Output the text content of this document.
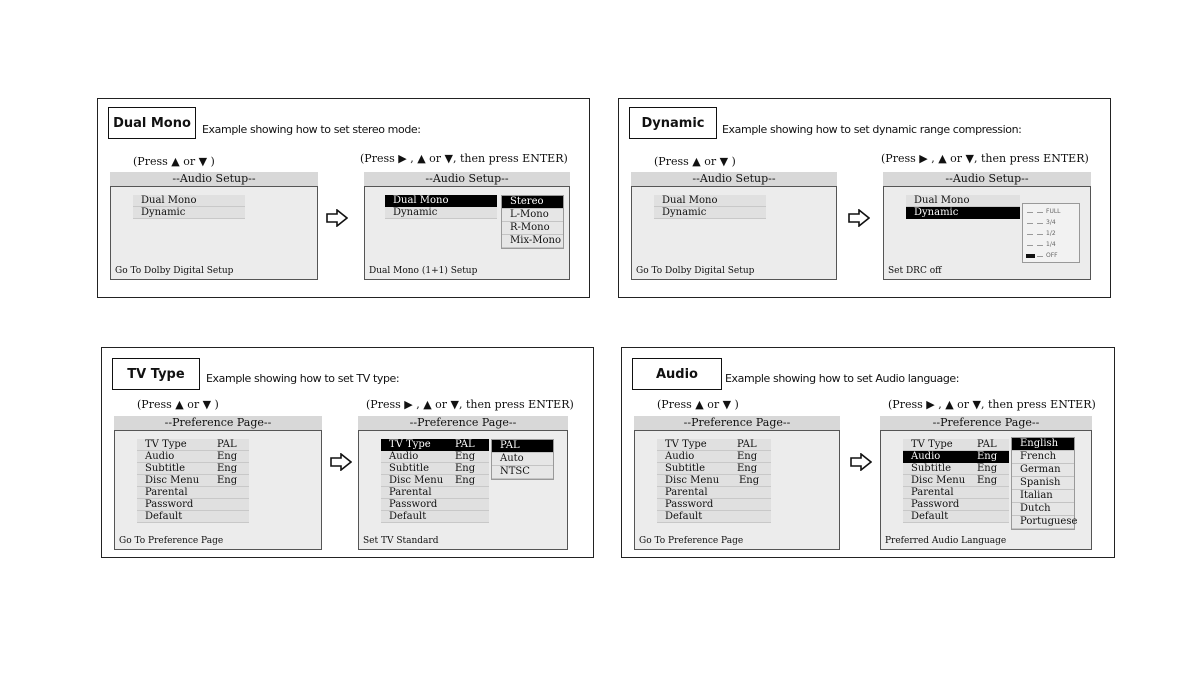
Dual Mono	Example showing how to set stereo mode:
(Press ▲ or ▼ )
--Audio Setup--
Dual Mono
Dynamic
Go To Dolby Digital Setup
(Press ▶ , ▲ or ▼, then press ENTER)
--Audio Setup--
Dual Mono
Dynamic
Stereo
L-Mono
R-Mono
Mix-Mono
Dual Mono (1+1) Setup
Dynamic	Example showing how to set dynamic range compression:
(Press ▲ or ▼ )
--Audio Setup--
Dual Mono
Dynamic
Go To Dolby Digital Setup
(Press ▶ , ▲ or ▼, then press ENTER)
--Audio Setup--
Dual Mono
Dynamic	FULL
3/4
1/2
1/4
OFF
Set DRC off
TV Type	Example showing how to set TV type:
(Press ▲ or ▼ )
--Preference Page--
TV Type	PAL
Audio	Eng
Subtitle	Eng
Disc Menu Eng
Parental
Password
Default
Go To Preference Page
(Press ▶ , ▲ or ▼, then press ENTER)
--Preference Page--
TV Type PAL
Audio	Eng
Subtitle	Eng
Disc Menu Eng
Parental
Password
Default
PAL
Auto
NTSC
Set TV Standard
Audio	Example showing how to set Audio language:
(Press ▲ or ▼ )
--Preference Page--
TV Type	PAL
Audio	Eng
Subtitle	Eng
Disc Menu Eng
Parental
Password
Default
Go To Preference Page
(Press ▶ , ▲ or ▼, then press ENTER)
--Preference Page--
TV Type PAL
Audio	Eng
Subtitle	Eng
Disc Menu Eng
Parental
Password
Default
English
French
German
Spanish
Italian
Dutch
Portuguese
Preferred Audio Language
